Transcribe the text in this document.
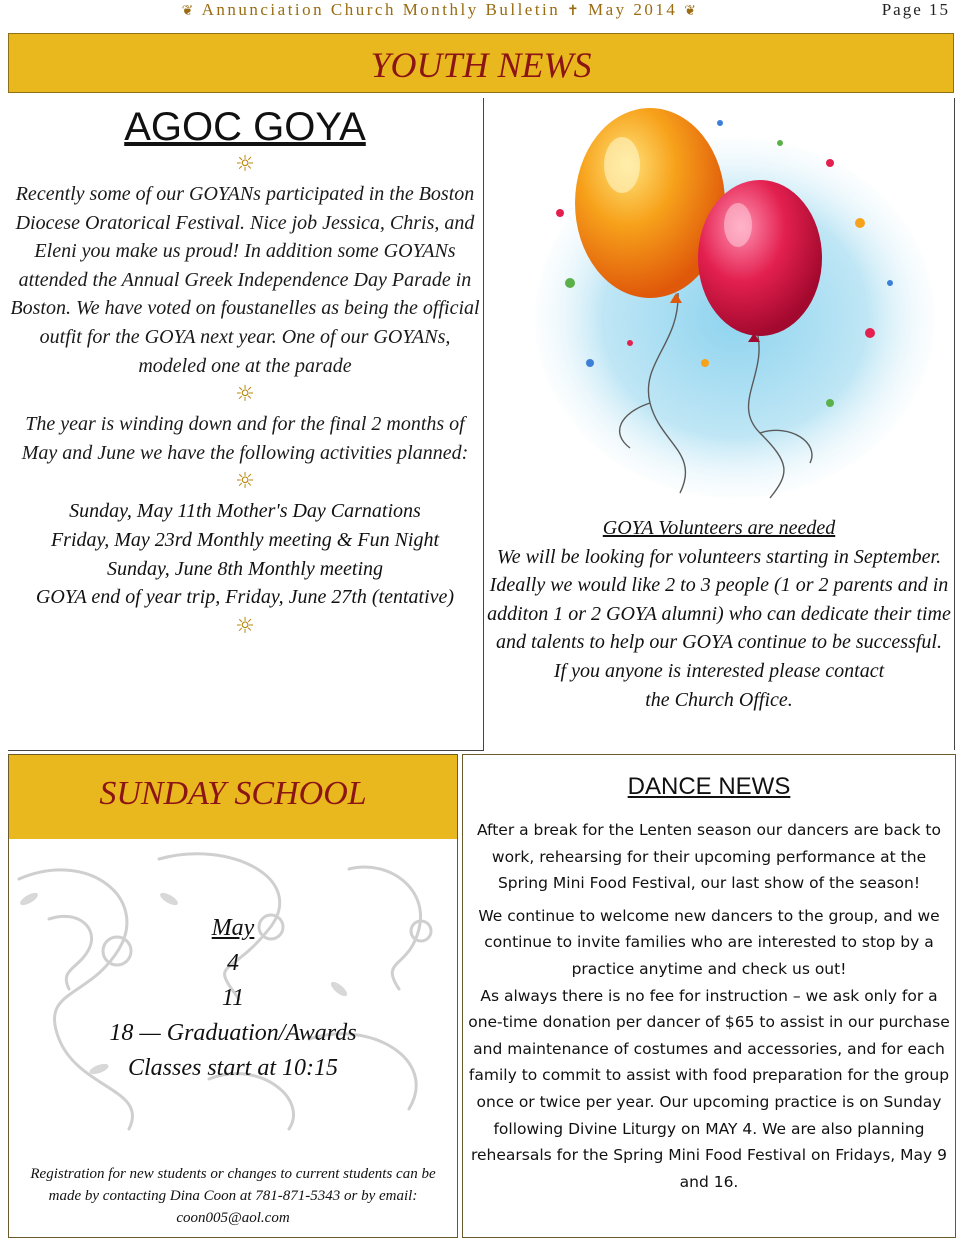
❦ Annunciation Church Monthly Bulletin ✝ May 2014 ❦	Page 15
YOUTH NEWS
AGOC GOYA
☼

Recently some of our GOYANs participated in the Boston Diocese Oratorical Festival. Nice job Jessica, Chris, and Eleni you make us proud! In addition some GOYANs attended the Annual Greek Independence Day Parade in Boston. We have voted on foustanelles as being the official outfit for the GOYA next year. One of our GOYANs, modeled one at the parade

☼

The year is winding down and for the final 2 months of May and June we have the following activities planned:

☼
Sunday, May 11th Mother's Day Carnations
Friday, May 23rd Monthly meeting & Fun Night
Sunday, June 8th Monthly meeting
GOYA end of year trip, Friday, June 27th (tentative)
☼
GOYA Volunteers are needed
We will be looking for volunteers starting in September. Ideally we would like 2 to 3 people (1 or 2 parents and in additon 1 or 2 GOYA alumni) who can dedicate their time and talents to help our GOYA continue to be successful.
If you anyone is interested please contact
the Church Office.
SUNDAY SCHOOL
May
4
11
18 — Graduation/Awards
Classes start at 10:15
Registration for new students or changes to current students can be made by contacting Dina Coon at 781-871-5343 or by email: coon005@aol.com
DANCE NEWS
After a break for the Lenten season our dancers are back to work, rehearsing for their upcoming performance at the Spring Mini Food Festival, our last show of the season!
We continue to welcome new dancers to the group, and we continue to invite families who are interested to stop by a practice anytime and check us out!
As always there is no fee for instruction – we ask only for a one-time donation per dancer of $65 to assist in our purchase and maintenance of costumes and accessories, and for each family to commit to assist with food preparation for the group once or twice per year. Our upcoming practice is on Sunday following Divine Liturgy on MAY 4. We are also planning rehearsals for the Spring Mini Food Festival on Fridays, May 9 and 16.
